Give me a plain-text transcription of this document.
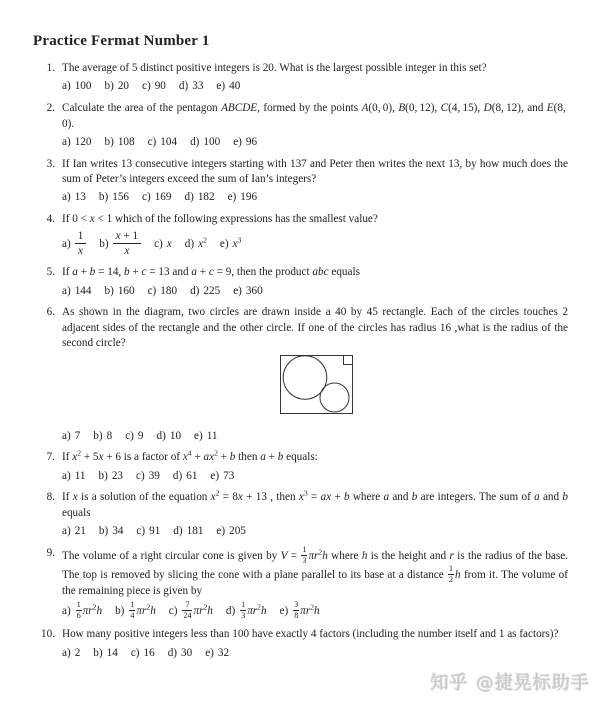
Practice Fermat Number 1
1. The average of 5 distinct positive integers is 20. What is the largest possible integer in this set?
a) 100 b) 20 c) 90 d) 33 e) 40
2. Calculate the area of the pentagon ABCDE, formed by the points A(0, 0), B(0, 12), C(4, 15), D(8, 12), and E(8, 0).
a) 120 b) 108 c) 104 d) 100 e) 96
3. If Ian writes 13 consecutive integers starting with 137 and Peter then writes the next 13, by how much does the sum of Peter’s integers exceed the sum of Ian’s integers?
a) 13 b) 156 c) 169 d) 182 e) 196
4. If 0 < x < 1 which of the following expressions has the smallest value?
$a) \frac{1}{x} b) \frac{x + 1}{x} c$) x d) $x^2$ e) $x^3$
5. If a + b = 14, b + c = 13 and a + c = 9, then the product abc equals
a) 144 b) 160 c) 180 d) 225 e) 360
6. As shown in the diagram, two circles are drawn inside a 40 by 45 rectangle. Each of the circles touches 2 adjacent sides of the rectangle and the other circle. If one of the circles has radius 16 ,what is the radius of the second circle?
a) 7 b) 8 c) 9 d) 10 e) 11
7. If $x^2 + 5x + 6$ is a factor of $x^4 + ax^2 + b$ then a + b equals:
a) 11 b) 23 c) 39 d) 61 e) 73
8. If x is a solution of the equation $x^2 = 8x + 13$ , then $x^3$ = ax + b where a and b are integers. The sum of a and b equals
a) 21 b) 34 c) 91 d) 181 e) 205
9. The volume of a right circular cone is given by $V = \frac{1}{3} \pi r^2h$ where h is the height and r is the radius of the base. The top is removed by slicing the cone with a plane parallel to its base at a distance $\frac{1}{2}$ h from it. The volume of the remaining piece is given by
$a) \frac{1}{6} \pi r^2h$ $b) \frac{1}{4} \pi r^2h$ $c) \frac{7}{24} \pi r^2h$ $d) \frac{1}{3} \pi r^2h$ $e) \frac{3}{8} \pi r^2h$
10. How many positive integers less than 100 have exactly 4 factors (including the number itself and 1 as factors)?
a) 2 b) 14 c) 16 d) 30 e) 32
知乎 @捷晃标助手
